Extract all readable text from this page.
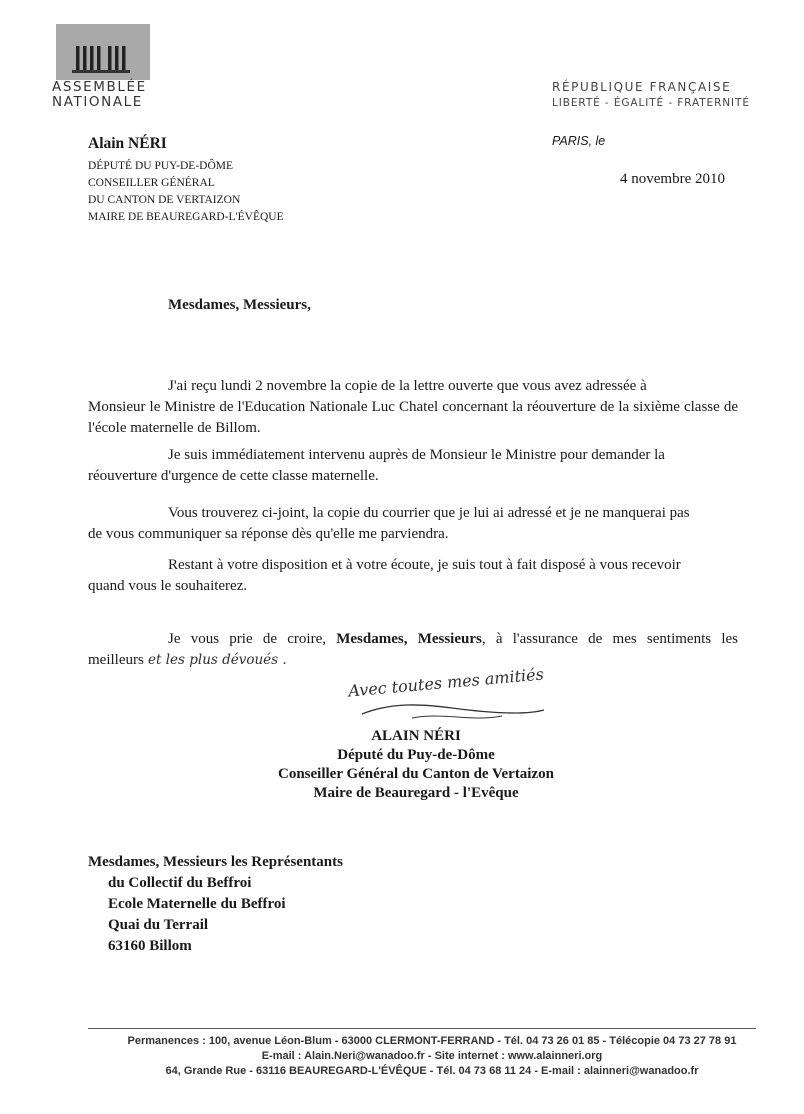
ASSEMBLÉE
NATIONALE
RÉPUBLIQUE FRANÇAISE
LIBERTÉ - ÉGALITÉ - FRATERNITÉ
Alain NÉRI
DÉPUTÉ DU PUY-DE-DÔME
CONSEILLER GÉNÉRAL
DU CANTON DE VERTAIZON
MAIRE DE BEAUREGARD-L'ÉVÊQUE
PARIS, le
4 novembre 2010
Mesdames, Messieurs,
J'ai reçu lundi 2 novembre la copie de la lettre ouverte que vous avez adressée à
Monsieur le Ministre de l'Education Nationale Luc Chatel concernant la réouverture de la sixième classe de l'école maternelle de Billom.
Je suis immédiatement intervenu auprès de Monsieur le Ministre pour demander la
réouverture d'urgence de cette classe maternelle.
Vous trouverez ci-joint, la copie du courrier que je lui ai adressé et je ne manquerai pas
de vous communiquer sa réponse dès qu'elle me parviendra.
Restant à votre disposition et à votre écoute, je suis tout à fait disposé à vous recevoir
quand vous le souhaiterez.
Je vous prie de croire, Mesdames, Messieurs, à l'assurance de mes sentiments les
meilleurs et les plus dévoués .
Avec toutes mes amitiés
ALAIN NÉRI
Député du Puy-de-Dôme
Conseiller Général du Canton de Vertaizon
Maire de Beauregard - l'Evêque
Mesdames, Messieurs les Représentants
du Collectif du Beffroi
Ecole Maternelle du Beffroi
Quai du Terrail
63160 Billom
Permanences : 100, avenue Léon-Blum - 63000 CLERMONT-FERRAND - Tél. 04 73 26 01 85 - Télécopie 04 73 27 78 91
E-mail : Alain.Neri@wanadoo.fr - Site internet : www.alainneri.org
64, Grande Rue - 63116 BEAUREGARD-L'ÉVÊQUE - Tél. 04 73 68 11 24 - E-mail : alainneri@wanadoo.fr
